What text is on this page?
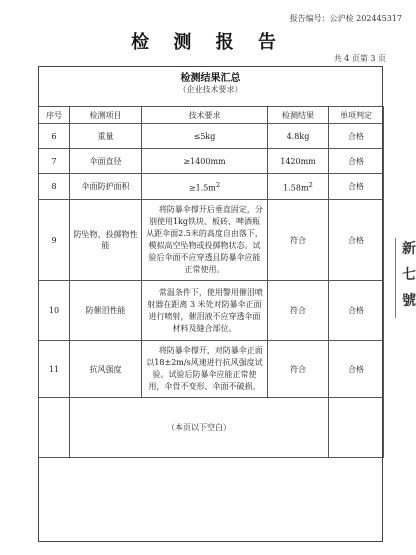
报告编号：公沪检 202445317
检 测 报 告
共 4 页第 3 页
检测结果汇总
（企业技术要求）
序号	检测项目	技术要求	检测结果	单项判定
6	重量	≤5kg	4.8kg	合格
7	伞面直径	≥1400mm	1420mm	合格
8	伞面防护面积	$\ge 1.5m^2$	$1.58m^2$	合格
9	防坠物、投掷物性能	将防暴伞撑开后垂直固定，分别使用1kg铁块、板砖、啤酒瓶从距伞面2.5米的高度自由落下，模拟高空坠物或投掷物状态。试验后伞面不应穿透且防暴伞应能正常使用。	符合	合格
10	防催泪性能	常温条件下，使用警用催泪喷射器在距离 3 米处对防暴伞正面进行喷射，催泪液不应穿透伞面材料及缝合部位。	符合	合格
11	抗风强度	将防暴伞撑开，对防暴伞正面以18±2m/s风速进行抗风强度试验。试验后防暴伞应能正常使用，伞骨不变形、伞面不破损。	符合	合格
	（本页以下空白）			
新
七
號
